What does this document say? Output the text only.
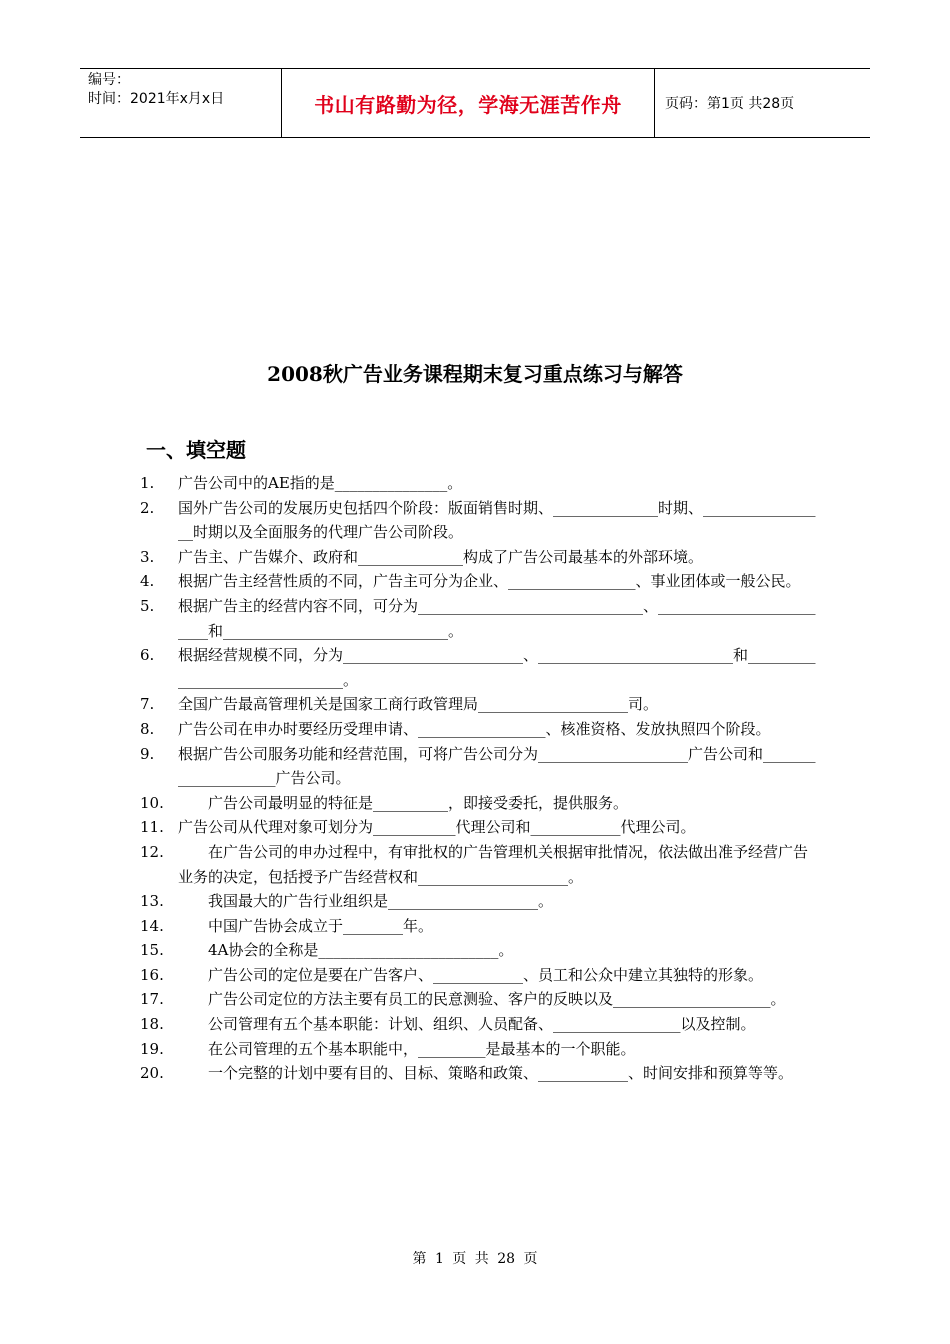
编号：
时间：2021年x月x日	书山有路勤为径，学海无涯苦作舟	页码：第1页 共28页
2008秋广告业务课程期末复习重点练习与解答
一、填空题
1.	广告公司中的AE指的是_______________。
2.	国外广告公司的发展历史包括四个阶段：版面销售时期、______________时期、_________________时期以及全面服务的代理广告公司阶段。
3.	广告主、广告媒介、政府和______________构成了广告公司最基本的外部环境。
4.	根据广告主经营性质的不同，广告主可分为企业、_________________、事业团体或一般公民。
5.	根据广告主的经营内容不同，可分为______________________________、_________________________和______________________________。
6.	根据经营规模不同，分为________________________、__________________________和_______________________________。
7.	全国广告最高管理机关是国家工商行政管理局____________________司。
8.	广告公司在申办时要经历受理申请、_________________、核准资格、发放执照四个阶段。
9.	根据广告公司服务功能和经营范围，可将广告公司分为____________________广告公司和____________________广告公司。
10. 　　广告公司最明显的特征是__________，即接受委托，提供服务。
11. 广告公司从代理对象可划分为___________代理公司和____________代理公司。
12. 　　在广告公司的申办过程中，有审批权的广告管理机关根据审批情况，依法做出准予经营广告业务的决定，包括授予广告经营权和____________________。
13. 　　我国最大的广告行业组织是____________________。
14. 　　中国广告协会成立于________年。
15. 　　4A协会的全称是________________________。
16. 　　广告公司的定位是要在广告客户、____________、员工和公众中建立其独特的形象。
17. 　　广告公司定位的方法主要有员工的民意测验、客户的反映以及_____________________。
18. 　　公司管理有五个基本职能：计划、组织、人员配备、_________________以及控制。
19. 　　在公司管理的五个基本职能中，_________是最基本的一个职能。
20. 　　一个完整的计划中要有目的、目标、策略和政策、____________、时间安排和预算等等。
第 1 页 共 28 页
